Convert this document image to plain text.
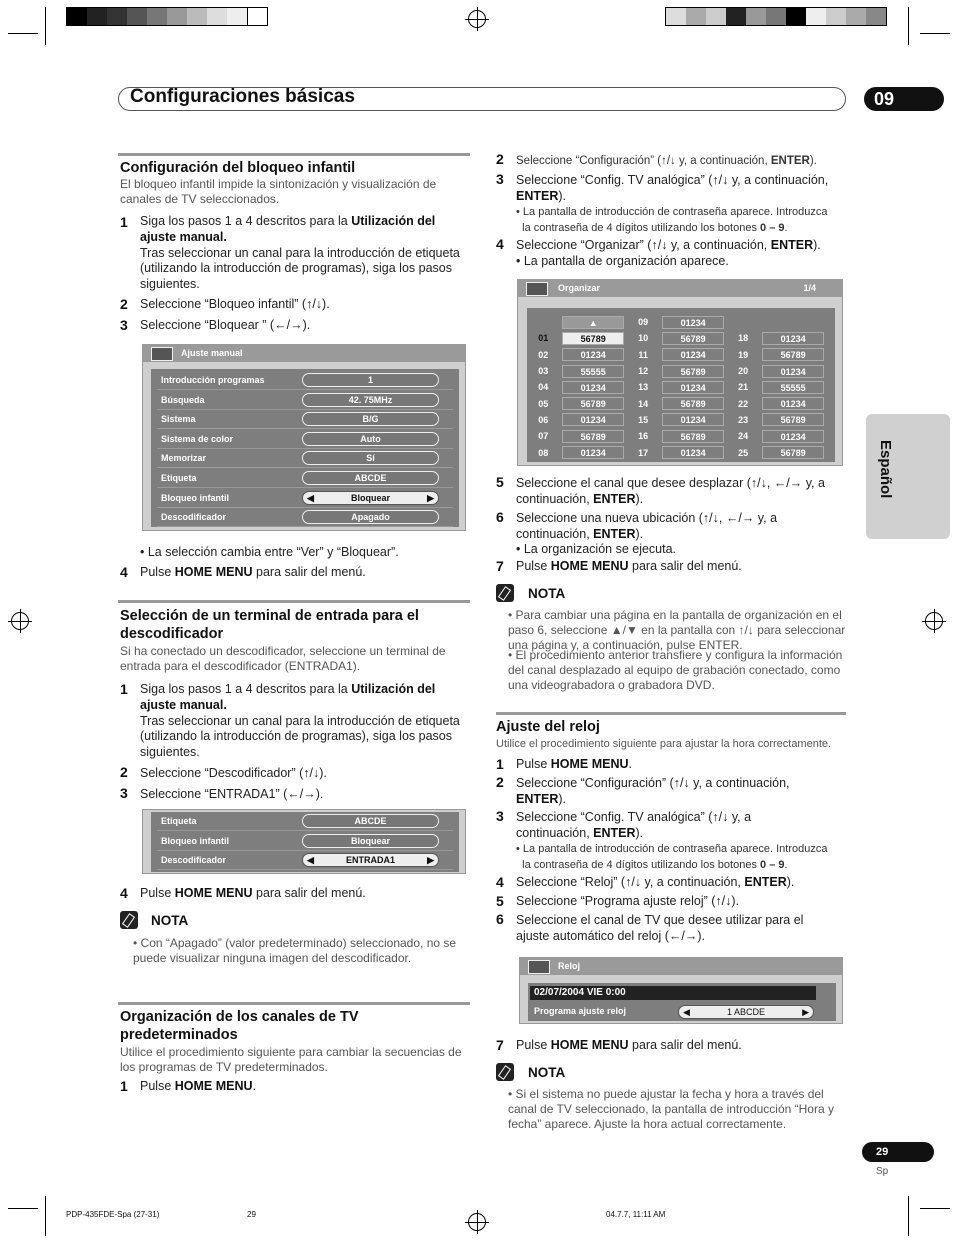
Configuraciones básicas	09
Español
Configuración del bloqueo infantil
El bloqueo infantil impide la sintonización y visualización de canales de TV seleccionados.
1 Siga los pasos 1 a 4 descritos para la Utilización del ajuste manual.
Tras seleccionar un canal para la introducción de etiqueta (utilizando la introducción de programas), siga los pasos siguientes.
2 Seleccione “Bloqueo infantil” (↑/↓).
3 Seleccione “Bloquear ” (←/→).
Ajuste manual
Introducción programas	1
Búsqueda	42. 75MHz
Sistema	B/G
Sistema de color	Auto
Memorizar	Sí
Etiqueta	ABCDE
Bloqueo infantil	◀	Bloquear	▶
Descodificador	Apagado
• La selección cambia entre “Ver” y “Bloquear”.
4 Pulse HOME MENU para salir del menú.
Selección de un terminal de entrada para el descodificador
Si ha conectado un descodificador, seleccione un terminal de entrada para el descodificador (ENTRADA1).
1 Siga los pasos 1 a 4 descritos para la Utilización del ajuste manual.
Tras seleccionar un canal para la introducción de etiqueta (utilizando la introducción de programas), siga los pasos siguientes.
2 Seleccione “Descodificador” (↑/↓).
3 Seleccione “ENTRADA1” (←/→).
Etiqueta	ABCDE
Bloqueo infantil	Bloquear
Descodificador	◀	ENTRADA1	▶
4 Pulse HOME MENU para salir del menú.
NOTA
• Con “Apagado” (valor predeterminado) seleccionado, no se puede visualizar ninguna imagen del descodificador.
Organización de los canales de TV predeterminados
Utilice el procedimiento siguiente para cambiar la secuencias de los programas de TV predeterminados.
1 Pulse HOME MENU.
2 Seleccione “Configuración” (↑/↓ y, a continuación, ENTER).
3 Seleccione “Config. TV analógica” (↑/↓ y, a continuación, ENTER).
• La pantalla de introducción de contraseña aparece. Introduzca
la contraseña de 4 dígitos utilizando los botones 0 – 9.
4 Seleccione “Organizar” (↑/↓ y, a continuación, ENTER).
• La pantalla de organización aparece.
Organizar	1/4
	▲	09	01234		
01	56789	10	56789	18	01234
02	01234	11	01234	19	56789
03	55555	12	56789	20	01234
04	01234	13	01234	21	55555
05	56789	14	56789	22	01234
06	01234	15	01234	23	56789
07	56789	16	56789	24	01234
08	01234	17	01234	25	56789
5 Seleccione el canal que desee desplazar (↑/↓, ←/→ y, a continuación, ENTER).
6 Seleccione una nueva ubicación (↑/↓, ←/→ y, a continuación, ENTER).
• La organización se ejecuta.
7 Pulse HOME MENU para salir del menú.
NOTA
• Para cambiar una página en la pantalla de organización en el paso 6, seleccione ▲/▼ en la pantalla con ↑/↓ para seleccionar una página y, a continuación, pulse ENTER.
• El procedimiento anterior transfiere y configura la información del canal desplazado al equipo de grabación conectado, como una videograbadora o grabadora DVD.
Ajuste del reloj
Utilice el procedimiento siguiente para ajustar la hora correctamente.
1 Pulse HOME MENU.
2 Seleccione “Configuración” (↑/↓ y, a continuación,
ENTER).
3 Seleccione “Config. TV analógica” (↑/↓ y, a
continuación, ENTER).
• La pantalla de introducción de contraseña aparece. Introduzca
la contraseña de 4 dígitos utilizando los botones 0 – 9.
4 Seleccione “Reloj” (↑/↓ y, a continuación, ENTER).
5 Seleccione “Programa ajuste reloj” (↑/↓).
6 Seleccione el canal de TV que desee utilizar para el
ajuste automático del reloj (←/→).
Reloj
02/07/2004 VIE 0:00
Programa ajuste reloj	◀	1 ABCDE	▶
7 Pulse HOME MENU para salir del menú.
NOTA
• Si el sistema no puede ajustar la fecha y hora a través del canal de TV seleccionado, la pantalla de introducción “Hora y fecha” aparece. Ajuste la hora actual correctamente.
29
Sp
PDP-435FDE-Spa (27-31)	29	04.7.7, 11:11 AM
